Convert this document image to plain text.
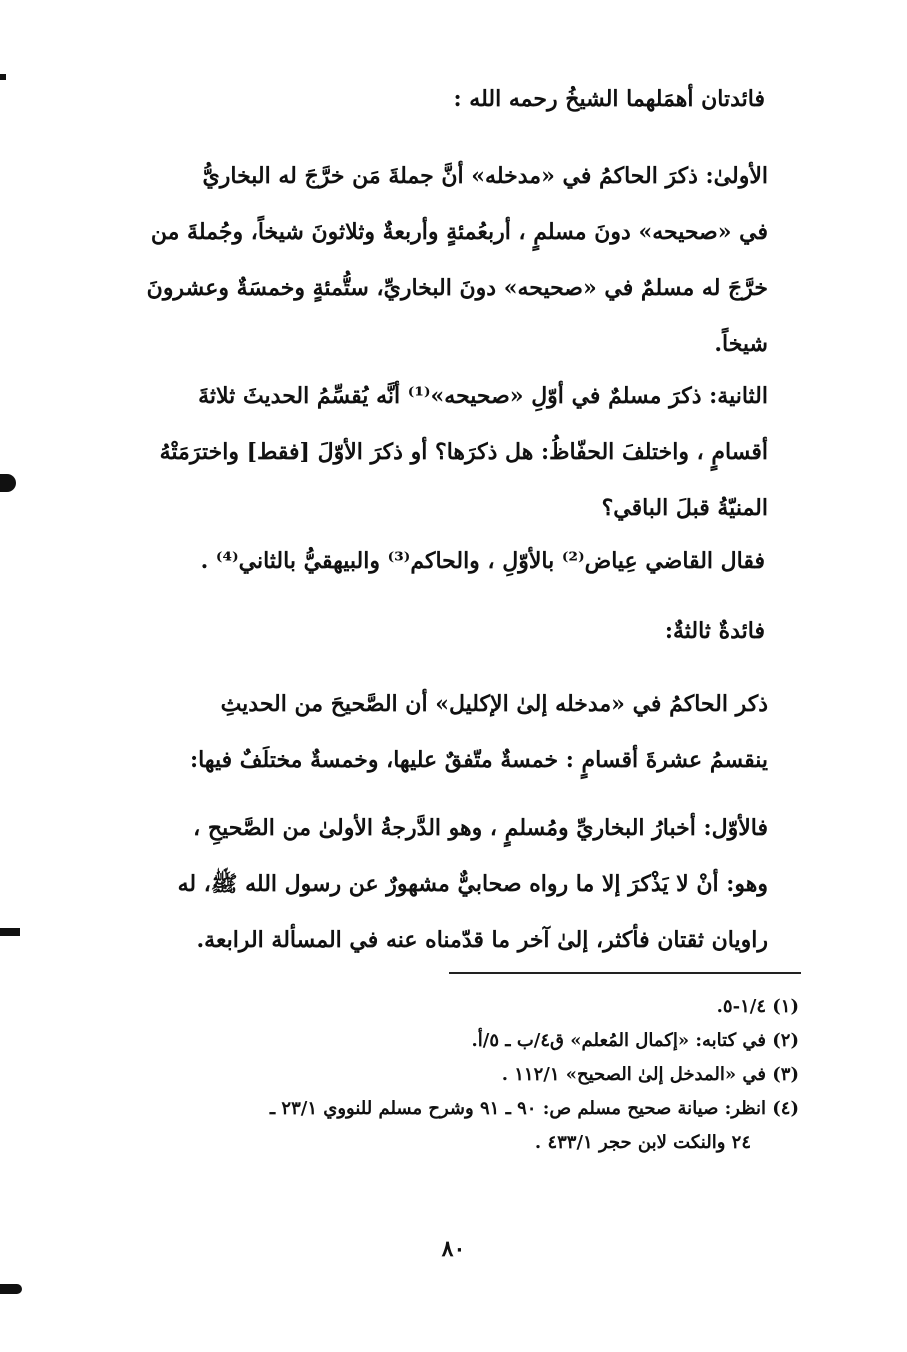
فائدتان أهمَلهما الشيخُ رحمه الله :
الأولىٰ: ذكرَ الحاكمُ في «مدخله» أنَّ جملةَ مَن خرَّجَ له البخاريُّ
في «صحيحه» دونَ مسلمٍ ، أربعُمئةٍ وأربعةٌ وثلاثونَ شيخاً، وجُملةَ من
خرَّجَ له مسلمٌ في «صحيحه» دونَ البخاريِّ، ستُّمئةٍ وخمسَةٌ وعشرونَ
شيخاً.
الثانية: ذكرَ مسلمٌ في أوّلِ «صحيحه»⁽¹⁾ أنَّه يُقسِّمُ الحديثَ ثلاثةَ
أقسامٍ ، واختلفَ الحفّاظُ: هل ذكرَها؟ أو ذكرَ الأوّلَ [فقط] واخترَمَتْهُ
المنيّةُ قبلَ الباقي؟
فقال القاضي عِياض⁽²⁾ بالأوّلِ ، والحاكم⁽³⁾ والبيهقيُّ بالثاني⁽⁴⁾ .
فائدةٌ ثالثةٌ:
ذكر الحاكمُ في «مدخله إلىٰ الإكليل» أن الصَّحيحَ من الحديثِ
ينقسمُ عشرةَ أقسامٍ : خمسةٌ متّفقٌ عليها، وخمسةٌ مختلَفٌ فيها:
فالأوّل: أخبارُ البخاريِّ ومُسلمٍ ، وهو الدَّرجةُ الأولىٰ من الصَّحيحِ ،
وهو: أنْ لا يَذْكرَ إلا ما رواه صحابيٌّ مشهورٌ عن رسول الله ﷺ، له
راويان ثقتان فأكثر، إلىٰ آخر ما قدّمناه عنه في المسألة الرابعة.
(١) ١/٤-٥.
(٢) في كتابه: «إكمال المُعلم» ق٤/ب ـ ٥/أ.
(٣) في «المدخل إلىٰ الصحيح» ١١٢/١ .
(٤) انظر: صيانة صحيح مسلم ص: ٩٠ ـ ٩١ وشرح مسلم للنووي ٢٣/١ ـ
٢٤ والنكت لابن حجر ٤٣٣/١ .
٨٠
